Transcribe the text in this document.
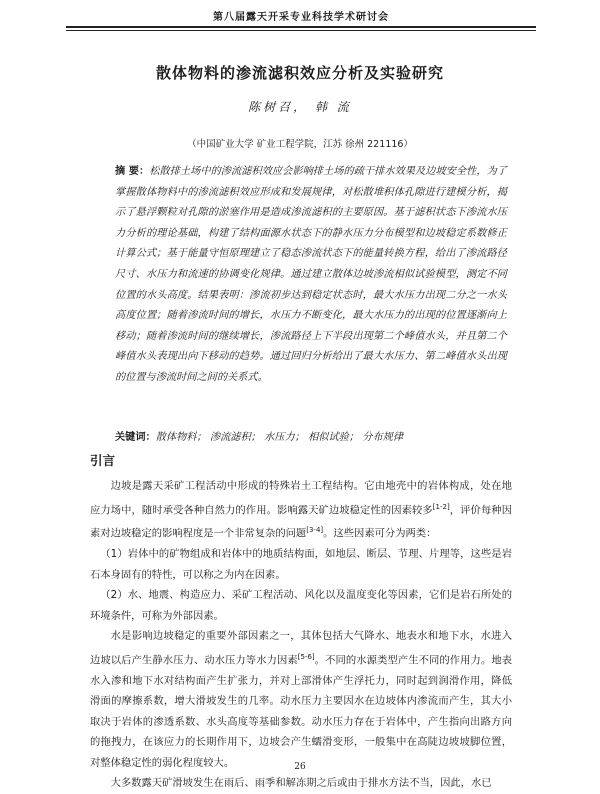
第八届露天开采专业科技学术研讨会
散体物料的渗流滤积效应分析及实验研究
陈树召， 韩 流
（中国矿业大学 矿业工程学院，江苏 徐州 221116）
摘 要：松散排土场中的渗流滤积效应会影响排土场的疏干排水效果及边坡安全性，为了掌握散体物料中的渗流滤积效应形成和发展规律，对松散堆积体孔隙进行建模分析，揭示了悬浮颗粒对孔隙的淤塞作用是造成渗流滤积的主要原因。基于滤积状态下渗流水压力分析的理论基础，构建了结构面源水状态下的静水压力分布模型和边坡稳定系数修正计算公式；基于能量守恒原理建立了稳态渗流状态下的能量转换方程，给出了渗流路径尺寸、水压力和流速的协调变化规律。通过建立散体边坡渗流相似试验模型，测定不同位置的水头高度。结果表明：渗流初步达到稳定状态时，最大水压力出现二分之一水头高度位置；随着渗流时间的增长，水压力不断变化，最大水压力的出现的位置逐渐向上移动；随着渗流时间的继续增长，渗流路径上下半段出现第二个峰值水头，并且第二个峰值水头表现出向下移动的趋势。通过回归分析给出了最大水压力、第二峰值水头出现的位置与渗流时间之间的关系式。
关键词：散体物料； 渗流滤积； 水压力； 相似试验； 分布规律
引言

边坡是露天采矿工程活动中形成的特殊岩土工程结构。它由地壳中的岩体构成，处在地应力场中，随时承受各种自然力的作用。影响露天矿边坡稳定性的因素较多[1-2]，评价每种因素对边坡稳定的影响程度是一个非常复杂的问题[3-4]。这些因素可分为两类：

（1）岩体中的矿物组成和岩体中的地质结构面，如地层、断层、节理、片理等，这些是岩石本身固有的特性，可以称之为内在因素。

（2）水、地震、构造应力、采矿工程活动、风化以及温度变化等因素，它们是岩石所处的环境条件，可称为外部因素。

水是影响边坡稳定的重要外部因素之一，其体包括大气降水、地表水和地下水，水进入边坡以后产生静水压力、动水压力等水力因素[5-6]。不同的水源类型产生不同的作用力。地表水入渗和地下水对结构面产生扩张力，并对上部滑体产生浮托力，同时起到润滑作用，降低滑面的摩擦系数，增大滑坡发生的几率。动水压力主要因水在边坡体内渗流而产生，其大小取决于岩体的渗透系数、水头高度等基础参数。动水压力存在于岩体中，产生指向出路方向的拖拽力，在该应力的长期作用下，边坡会产生蠕滑变形，一般集中在高陡边坡坡脚位置，对整体稳定性的弱化程度较大。

大多数露天矿滑坡发生在雨后、雨季和解冻期之后或由于排水方法不当，因此，水已

26
